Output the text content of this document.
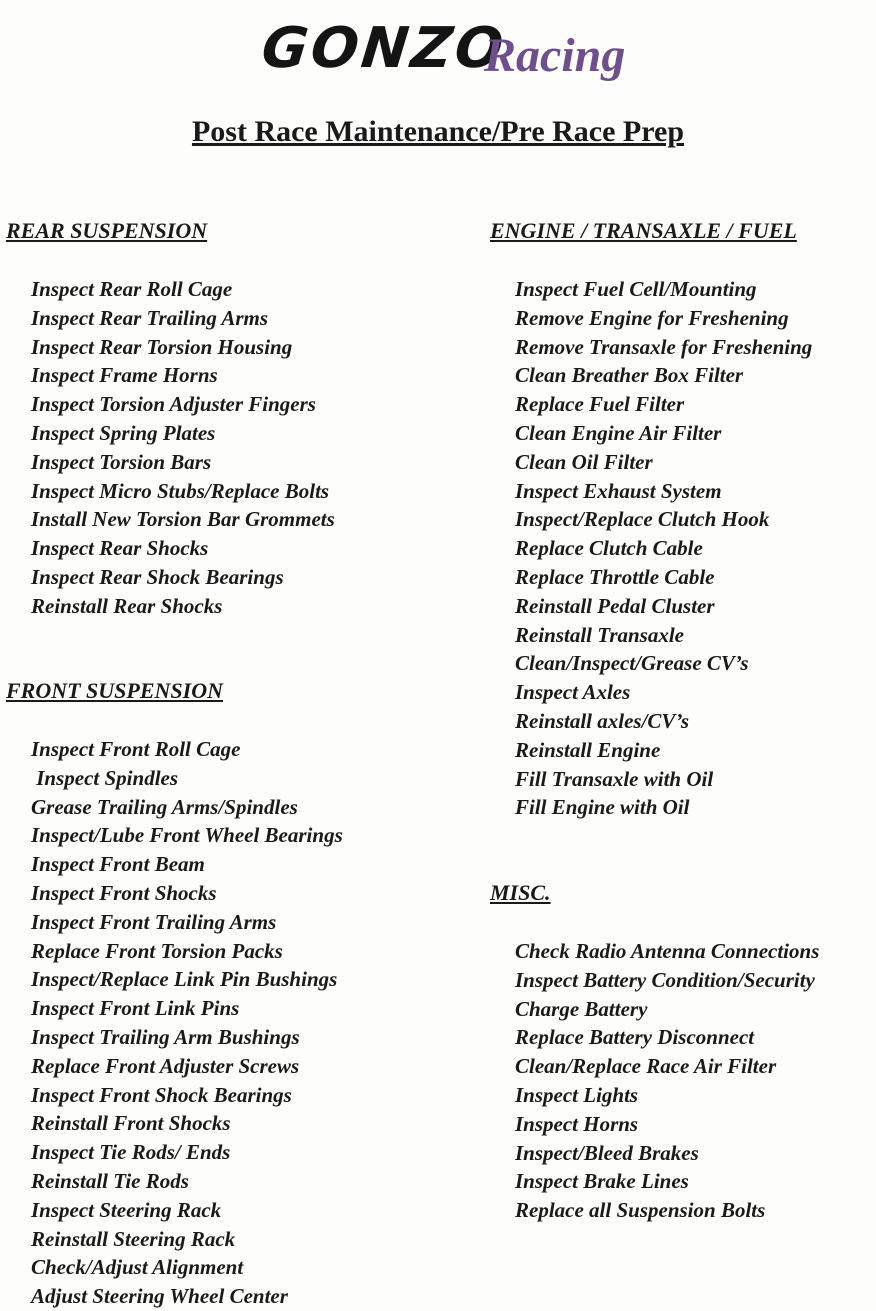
GONZO
Racing
Post Race Maintenance/Pre Race Prep
REAR SUSPENSION
Inspect Rear Roll Cage
Inspect Rear Trailing Arms
Inspect Rear Torsion Housing
Inspect Frame Horns
Inspect Torsion Adjuster Fingers
Inspect Spring Plates
Inspect Torsion Bars
Inspect Micro Stubs/Replace Bolts
Install New Torsion Bar Grommets
Inspect Rear Shocks
Inspect Rear Shock Bearings
Reinstall Rear Shocks
FRONT SUSPENSION
Inspect Front Roll Cage
Inspect Spindles
Grease Trailing Arms/Spindles
Inspect/Lube Front Wheel Bearings
Inspect Front Beam
Inspect Front Shocks
Inspect Front Trailing Arms
Replace Front Torsion Packs
Inspect/Replace Link Pin Bushings
Inspect Front Link Pins
Inspect Trailing Arm Bushings
Replace Front Adjuster Screws
Inspect Front Shock Bearings
Reinstall Front Shocks
Inspect Tie Rods/ Ends
Reinstall Tie Rods
Inspect Steering Rack
Reinstall Steering Rack
Check/Adjust Alignment
Adjust Steering Wheel Center
ENGINE / TRANSAXLE / FUEL
Inspect Fuel Cell/Mounting
Remove Engine for Freshening
Remove Transaxle for Freshening
Clean Breather Box Filter
Replace Fuel Filter
Clean Engine Air Filter
Clean Oil Filter
Inspect Exhaust System
Inspect/Replace Clutch Hook
Replace Clutch Cable
Replace Throttle Cable
Reinstall Pedal Cluster
Reinstall Transaxle
Clean/Inspect/Grease CV’s
Inspect Axles
Reinstall axles/CV’s
Reinstall Engine
Fill Transaxle with Oil
Fill Engine with Oil
MISC.
Check Radio Antenna Connections
Inspect Battery Condition/Security
Charge Battery
Replace Battery Disconnect
Clean/Replace Race Air Filter
Inspect Lights
Inspect Horns
Inspect/Bleed Brakes
Inspect Brake Lines
Replace all Suspension Bolts
